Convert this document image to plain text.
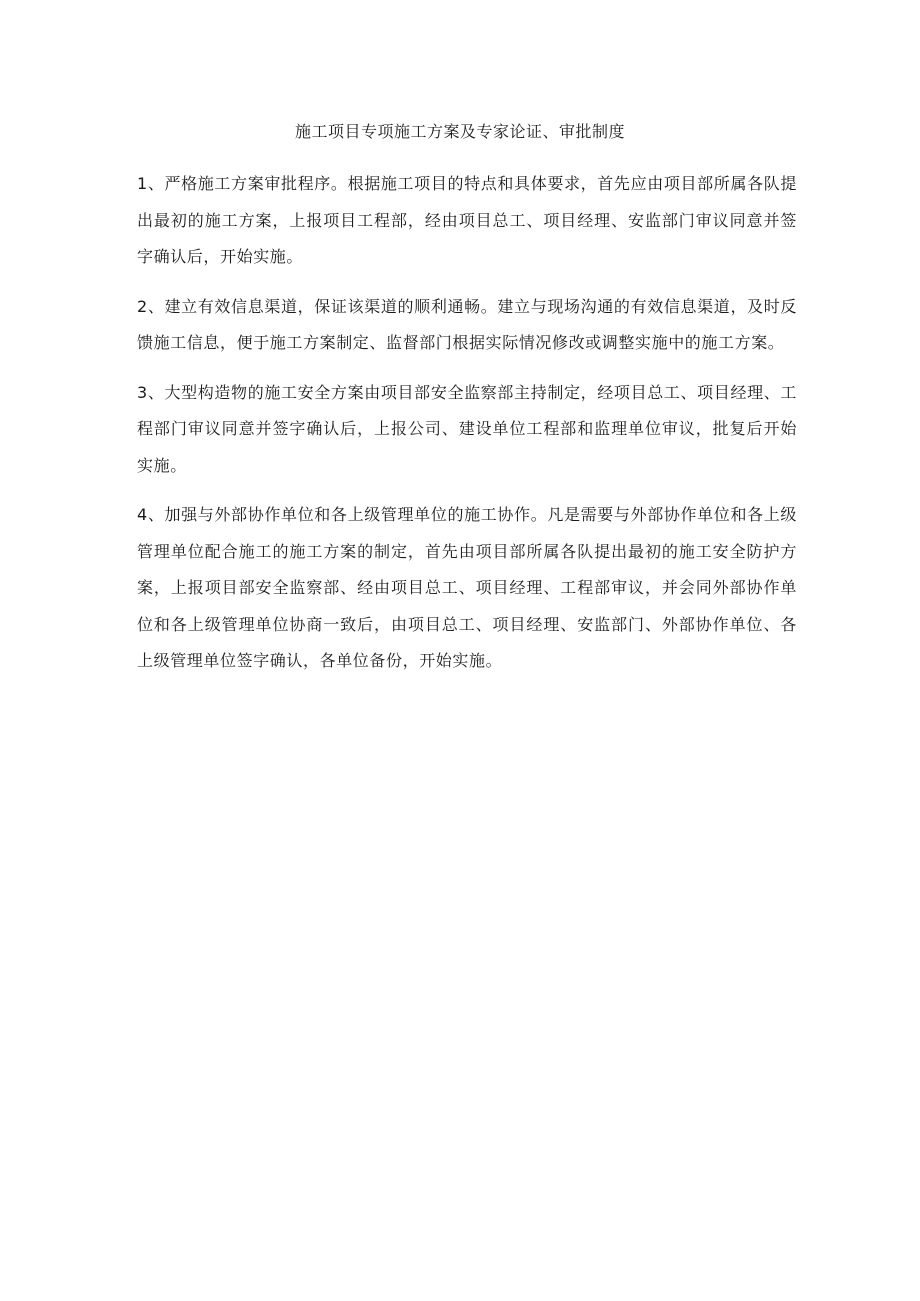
施工项目专项施工方案及专家论证、审批制度

1、严格施工方案审批程序。根据施工项目的特点和具体要求，首先应由项目部所属各队提出最初的施工方案，上报项目工程部，经由项目总工、项目经理、安监部门审议同意并签字确认后，开始实施。

2、建立有效信息渠道，保证该渠道的顺利通畅。建立与现场沟通的有效信息渠道，及时反馈施工信息，便于施工方案制定、监督部门根据实际情况修改或调整实施中的施工方案。

3、大型构造物的施工安全方案由项目部安全监察部主持制定，经项目总工、项目经理、工程部门审议同意并签字确认后，上报公司、建设单位工程部和监理单位审议，批复后开始实施。

4、加强与外部协作单位和各上级管理单位的施工协作。凡是需要与外部协作单位和各上级管理单位配合施工的施工方案的制定，首先由项目部所属各队提出最初的施工安全防护方案，上报项目部安全监察部、经由项目总工、项目经理、工程部审议，并会同外部协作单位和各上级管理单位协商一致后，由项目总工、项目经理、安监部门、外部协作单位、各上级管理单位签字确认，各单位备份，开始实施。
